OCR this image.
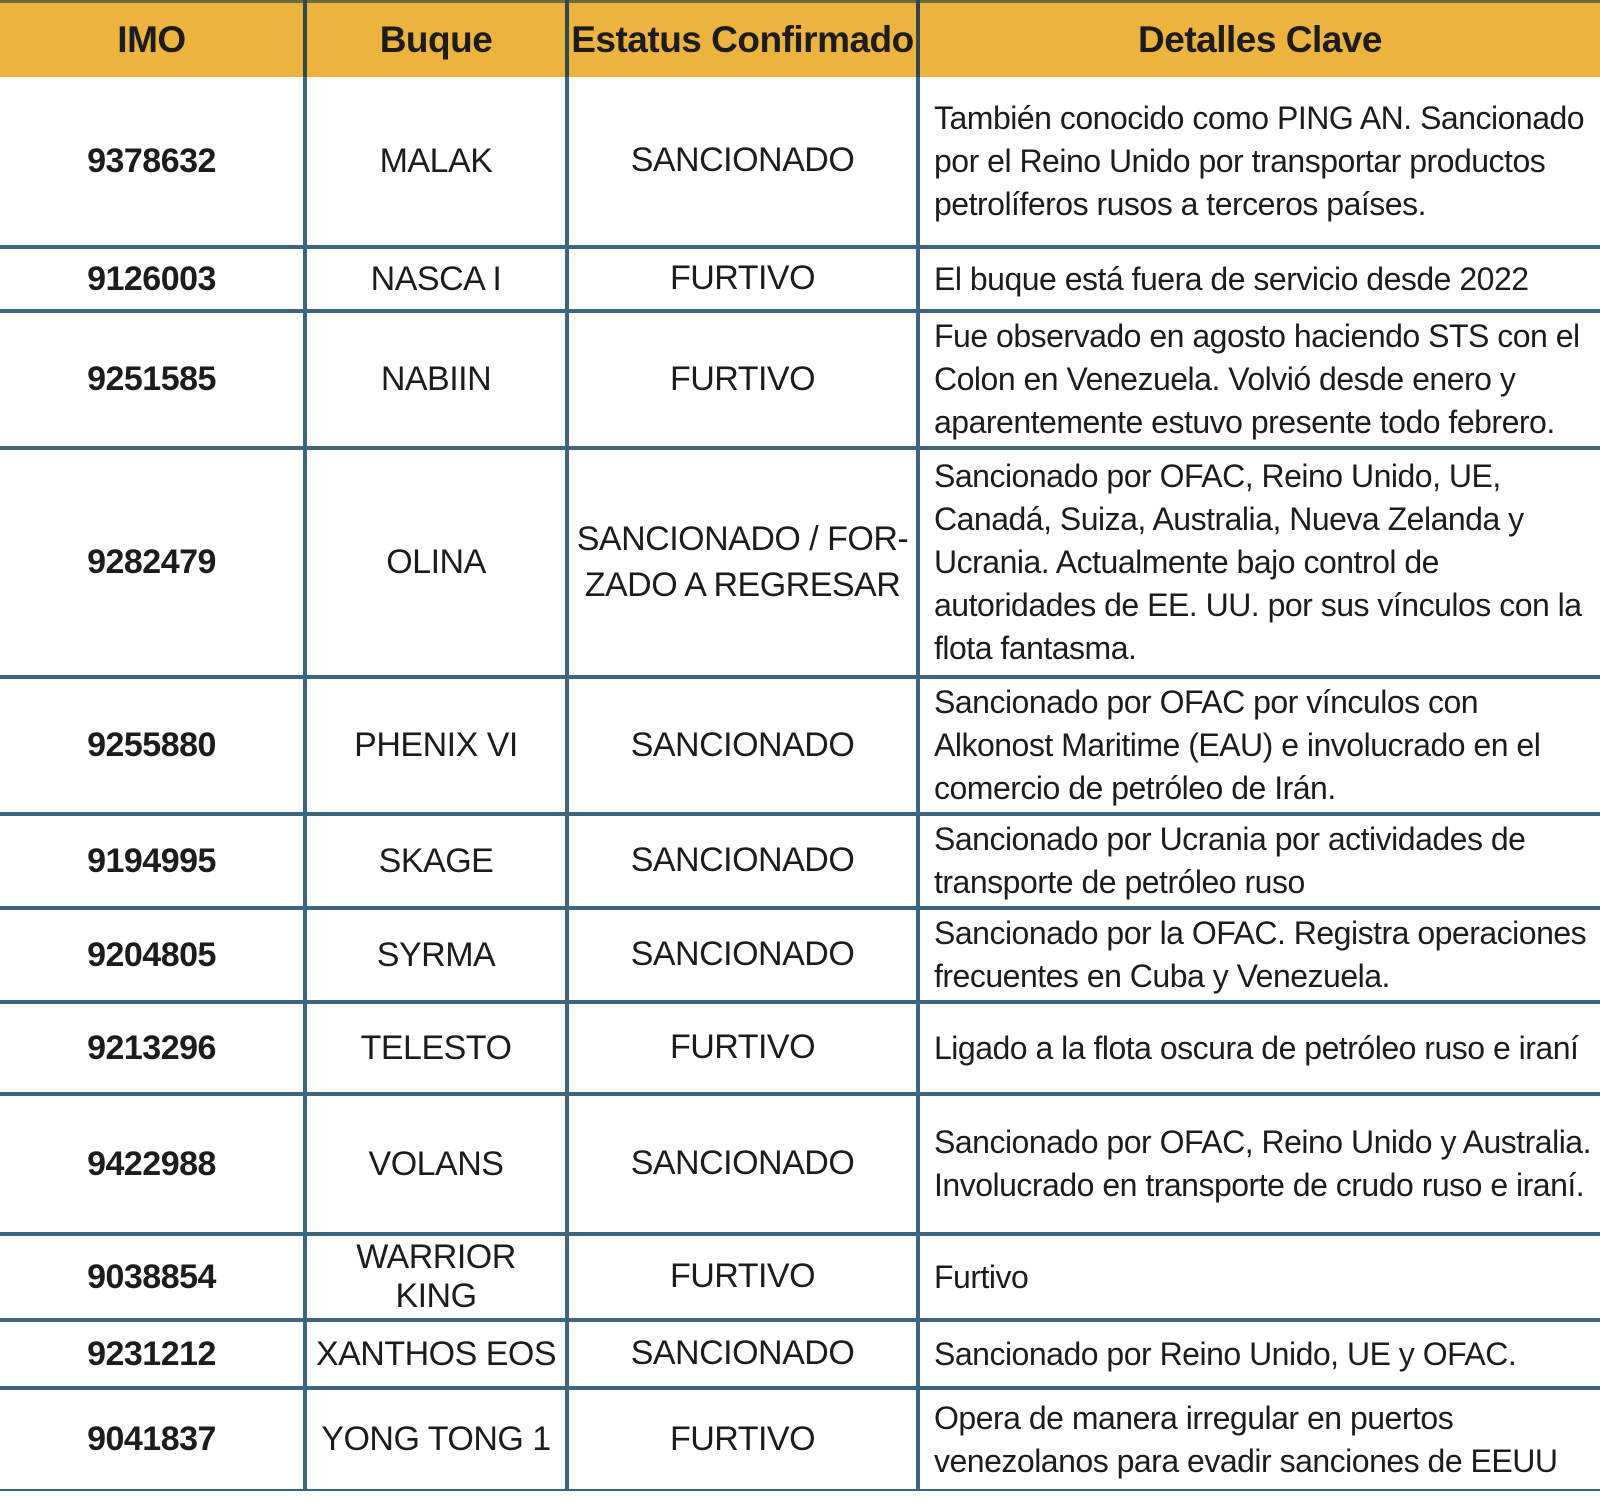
IMO	Buque	Estatus Confirmado	Detalles Clave
9378632	MALAK	SANCIONADO	También conocido como PING AN. Sancionado por el Reino Unido por transportar productos petrolíferos rusos a terceros países.
9126003	NASCA I	FURTIVO	El buque está fuera de servicio desde 2022
9251585	NABIIN	FURTIVO	Fue observado en agosto haciendo STS con el Colon en Venezuela. Volvió desde enero y aparentemente estuvo presente todo febrero.
9282479	OLINA	SANCIONADO / FOR-ZADO A REGRESAR	Sancionado por OFAC, Reino Unido, UE, Canadá, Suiza, Australia, Nueva Zelanda y Ucrania. Actualmente bajo control de autoridades de EE. UU. por sus vínculos con la flota fantasma.
9255880	PHENIX VI	SANCIONADO	Sancionado por OFAC por vínculos con Alkonost Maritime (EAU) e involucrado en el comercio de petróleo de Irán.
9194995	SKAGE	SANCIONADO	Sancionado por Ucrania por actividades de transporte de petróleo ruso
9204805	SYRMA	SANCIONADO	Sancionado por la OFAC. Registra operaciones frecuentes en Cuba y Venezuela.
9213296	TELESTO	FURTIVO	Ligado a la flota oscura de petróleo ruso e iraní
9422988	VOLANS	SANCIONADO	Sancionado por OFAC, Reino Unido y Australia. Involucrado en transporte de crudo ruso e iraní.
9038854	WARRIOR KING	FURTIVO	Furtivo
9231212	XANTHOS EOS	SANCIONADO	Sancionado por Reino Unido, UE y OFAC.
9041837	YONG TONG 1	FURTIVO	Opera de manera irregular en puertos venezolanos para evadir sanciones de EEUU
